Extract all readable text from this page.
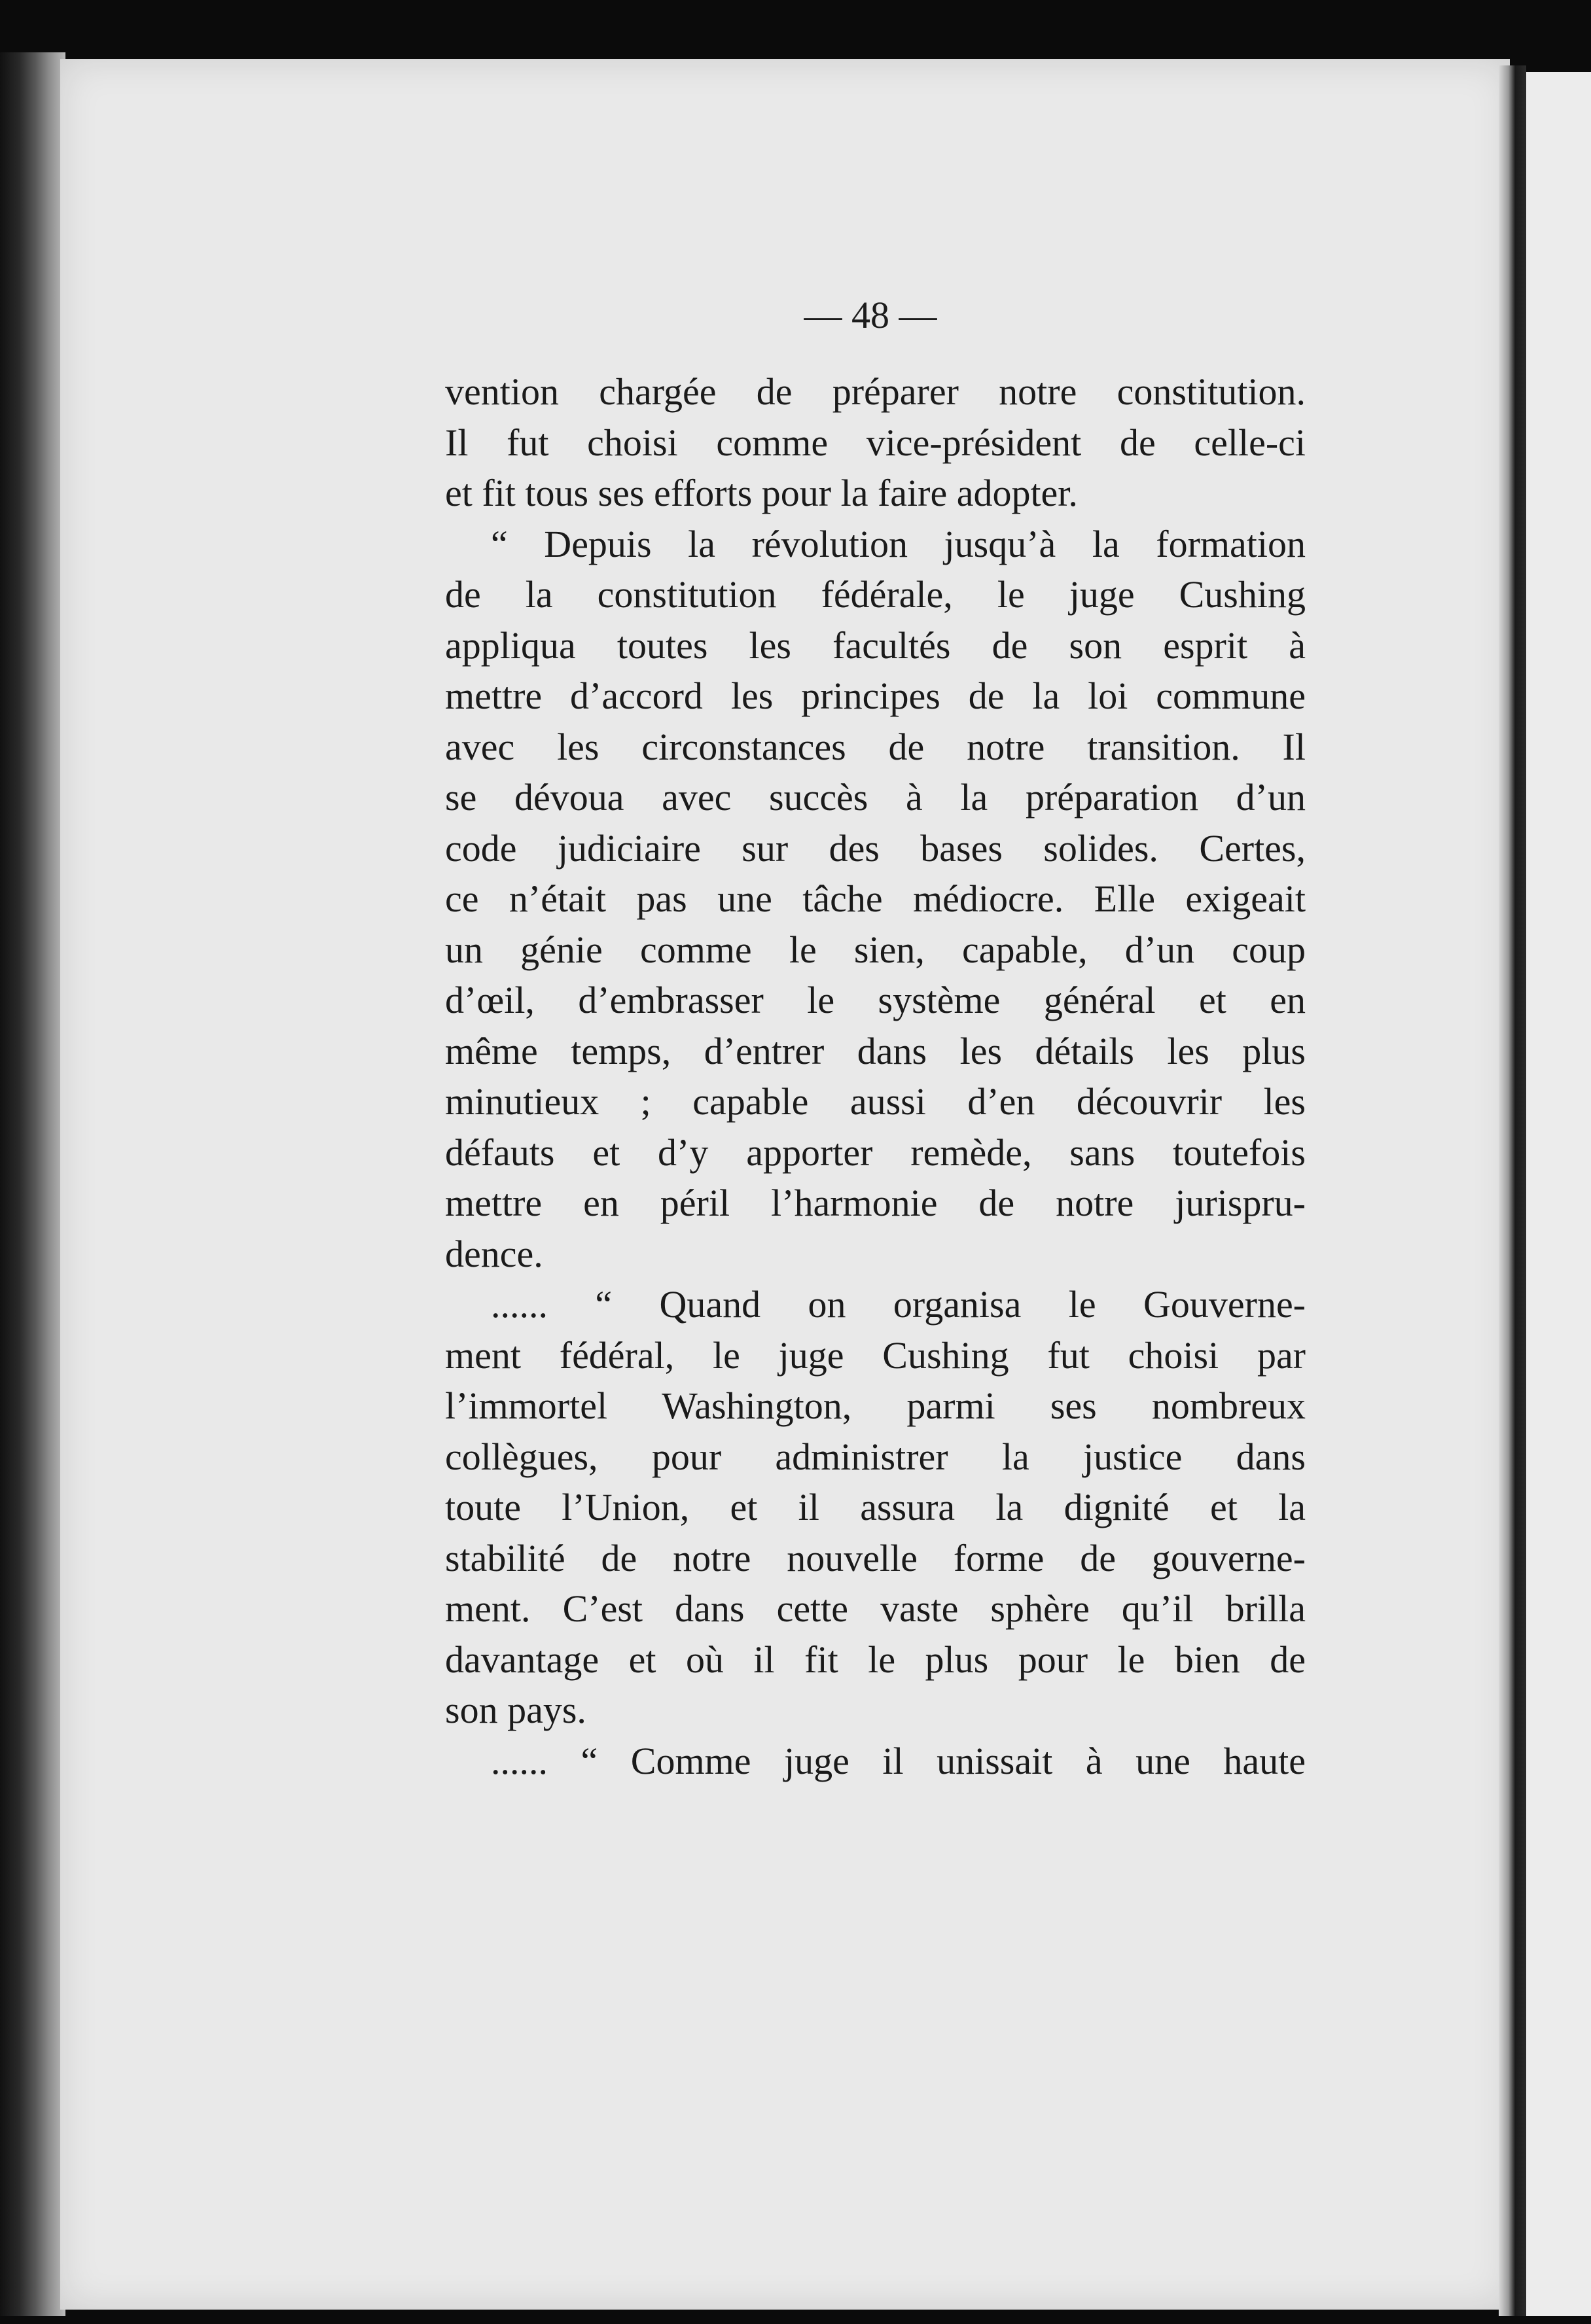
— 48 —
vention chargée de préparer notre constitution.
Il fut choisi comme vice-président de celle-ci
et fit tous ses efforts pour la faire adopter.
“ Depuis la révolution jusqu’à la formation
de la constitution fédérale, le juge Cushing
appliqua toutes les facultés de son esprit à
mettre d’accord les principes de la loi commune
avec les circonstances de notre transition. Il
se dévoua avec succès à la préparation d’un
code judiciaire sur des bases solides. Certes,
ce n’était pas une tâche médiocre. Elle exigeait
un génie comme le sien, capable, d’un coup
d’œil, d’embrasser le système général et en
même temps, d’entrer dans les détails les plus
minutieux ; capable aussi d’en découvrir les
défauts et d’y apporter remède, sans toutefois
mettre en péril l’harmonie de notre jurispru-
dence.
...... “ Quand on organisa le Gouverne-
ment fédéral, le juge Cushing fut choisi par
l’immortel Washington, parmi ses nombreux
collègues, pour administrer la justice dans
toute l’Union, et il assura la dignité et la
stabilité de notre nouvelle forme de gouverne-
ment. C’est dans cette vaste sphère qu’il brilla
davantage et où il fit le plus pour le bien de
son pays.
...... “ Comme juge il unissait à une haute
